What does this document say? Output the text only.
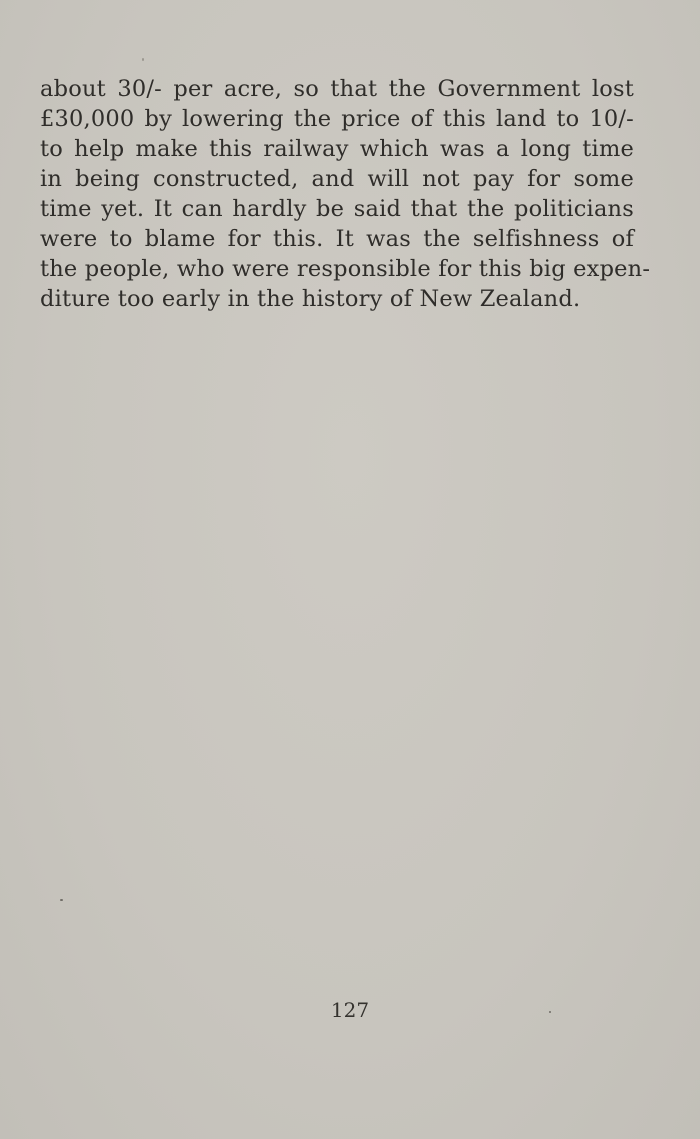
about 30/- per acre, so that the Government lost
£30,000 by lowering the price of this land to 10/-
to help make this railway which was a long time
in being constructed, and will not pay for some
time yet. It can hardly be said that the politicians
were to blame for this. It was the selfishness of
the people, who were responsible for this big expen-
diture too early in the history of New Zealand.
127
